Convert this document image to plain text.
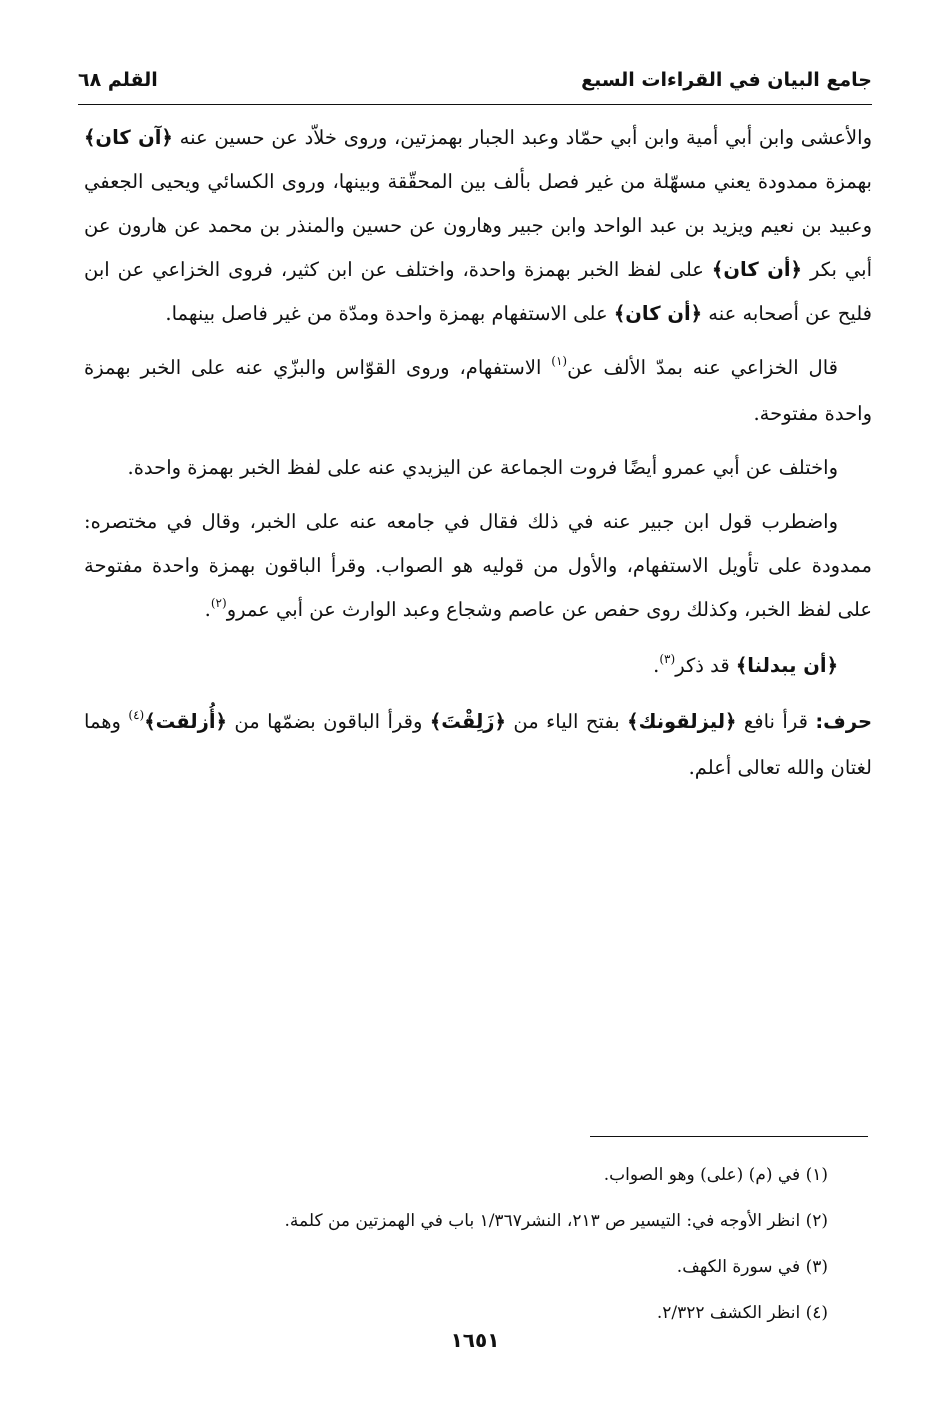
جامع البيان في القراءات السبع
القلم ٦٨

والأعشى وابن أبي أمية وابن أبي حمّاد وعبد الجبار بهمزتين، وروى خلاّد عن حسين عنه ﴿آن كان﴾ بهمزة ممدودة يعني مسهّلة من غير فصل بألف بين المحقّقة وبينها، وروى الكسائي ويحيى الجعفي وعبيد بن نعيم ويزيد بن عبد الواحد وابن جبير وهارون عن حسين والمنذر بن محمد عن هارون عن أبي بكر ﴿أن كان﴾ على لفظ الخبر بهمزة واحدة، واختلف عن ابن كثير، فروى الخزاعي عن ابن فليح عن أصحابه عنه ﴿أن كان﴾ على الاستفهام بهمزة واحدة ومدّة من غير فاصل بينهما.

قال الخزاعي عنه بمدّ الألف عن$^{(١)}$ الاستفهام، وروى القوّاس والبزّي عنه على الخبر بهمزة واحدة مفتوحة.

واختلف عن أبي عمرو أيضًا فروت الجماعة عن اليزيدي عنه على لفظ الخبر بهمزة واحدة.

واضطرب قول ابن جبير عنه في ذلك فقال في جامعه عنه على الخبر، وقال في مختصره: ممدودة على تأويل الاستفهام، والأول من قوليه هو الصواب. وقرأ الباقون بهمزة واحدة مفتوحة على لفظ الخبر، وكذلك روى حفص عن عاصم وشجاع وعبد الوارث عن أبي عمرو$^{(٢)}$.

﴿أن يبدلنا﴾ قد ذكر$^{(٣)}$.

حرف: قرأ نافع ﴿ليزلقونك﴾ بفتح الياء من ﴿زَلِقْتَ﴾ وقرأ الباقون بضمّها من ﴿أُزلقت﴾$^{(٤)}$ وهما لغتان والله تعالى أعلم.

(١) في (م) (على) وهو الصواب.
(٢) انظر الأوجه في: التيسير ص ٢١٣، النشر١/٣٦٧ باب في الهمزتين من كلمة.
(٣) في سورة الكهف.
(٤) انظر الكشف ٢/٣٢٢.
١٦٥١
